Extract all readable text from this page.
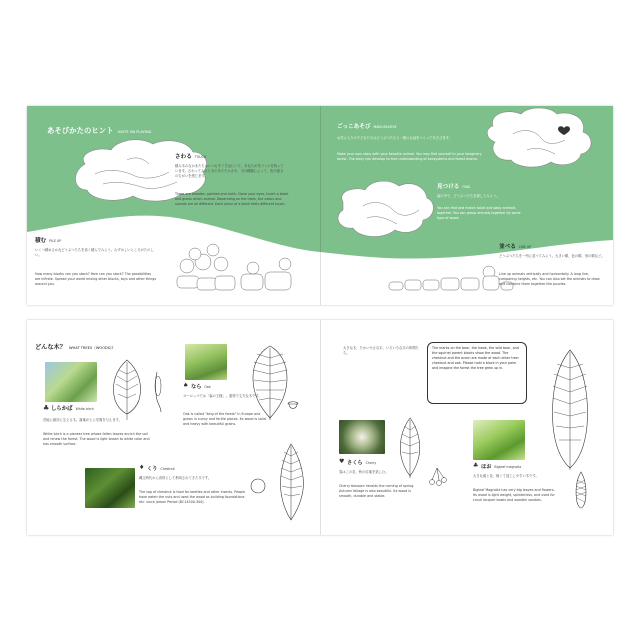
あそびかたのヒント HINTS ON PLAYING
さわる TOUCH
積み木のなかまたちはいつもすぐそばにいて、あなたが気づくのを待っています。さわってみると木のあたたかさや、木の種類によって、色や重さのちがいを感じます。
There are wooden, painted and cloth. Close your eyes, touch a block and guess which animal. Depending on the trees, the colors and sounds are all different. Each piece of a block feels different touch.
積む PILE UP
いくつ積めるかなどうぶつたちを高く積んでみよう。むずかしいところがたのしい。
How many blocks can you stack? How can you stack? The possibilities are infinite. Spread your world mixing other blocks, toys and other things around you.
ごっこあそび MAKE-BELIEVE
お気に入りの子どもたちはどうぶつたちと一緒にお話をつくってあそびます。
Make your own story with your favorite animal. You may find yourself in your imaginary forest. The story can develop to true understanding of ecosystems and forest drama.
見つける FIND
森の中で、どうぶつたちを探してみよう。
You can find and match adult and baby animals together. You can group animals together by same type of wood.
並べる LINE UP
どうぶつたちを一列に並べてみよう。大きい順、色の順、形の順など。
Line up animals vertically and horizontally. A long line, comparing heights, etc. You can also set the animals to draw and combine them together like puzzles.
どんな木？ WHAT TREES（WOODS)?
♣ しらかば White birch
荒地に最初に生える木。落葉が土に栄養を与えます。
White birch is a pioneer tree whose fallen leaves enrich the soil and renew the forest. The wood is light brown to white color and has smooth surface.
♠ なら Oak
ヨーロッパでは「森の王様」。重厚で丈夫な木です。
Oak is called "king of the forest" in Europe and grows in sunny and fertile places. Its wood is solid and heavy with beautiful grains.
♦ くり Chestnut
縄文時代から食料として利用されてきた木です。
The sap of chestnut is food for beetles and other insects. People have eaten the nuts and used the wood as building foundations etc. since Jomon Period (BC14500-300).
大きな木、たかい小さな木、いろいろな木の仲間たち。
The marks on the bear, the hawk, the wild boar, and the squirrel parent blocks show the wood. The chestnut and the acorn are made of each other tree: chestnut and oak. Please hold a block in your palm and imagine the forest the tree grew up in.
♥ さくら Cherry
春はこの花、秋の紅葉を楽しむ。
Cherry blossom heralds the coming of spring. Autumn foliage is also beautiful. Its wood is smooth, durable and stable.
♣ ほお Bigleaf magnolia
大きな葉と花、軽くて加工しやすい木です。
Bigleaf Magnolia has very big leaves and flowers. Its wood is light weight, splinterless, and used for crush lacquer bowls and wooden sandals.
